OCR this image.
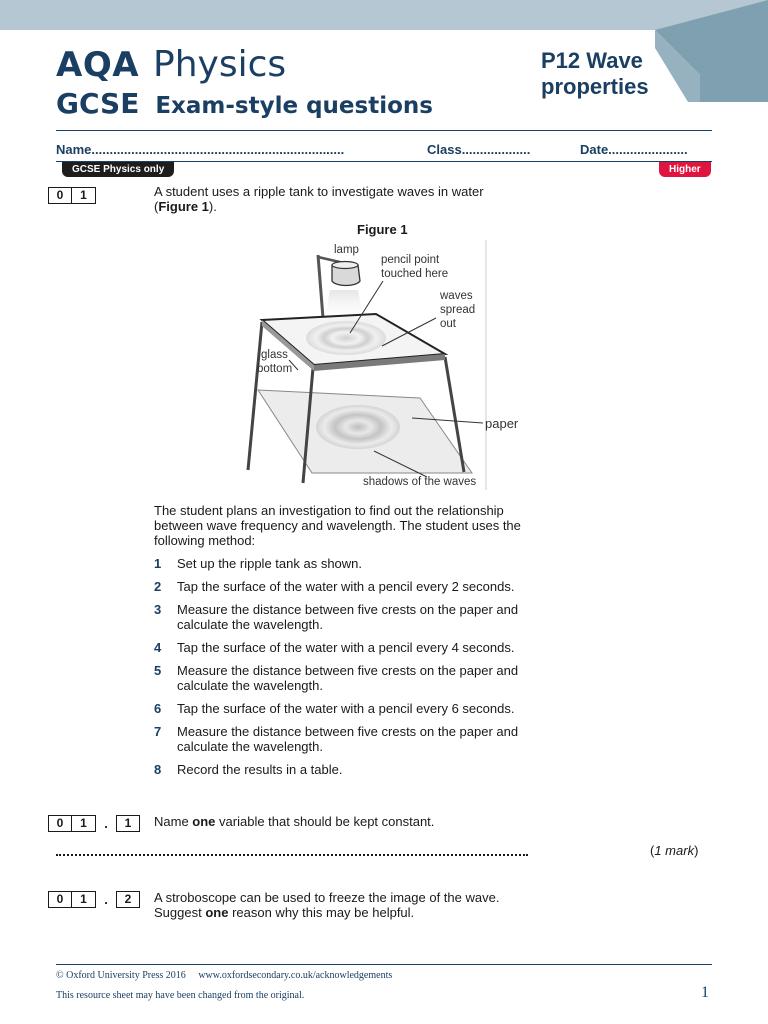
AQA Physics
GCSE Exam-style questions
P12 Wave
properties
Name......................................................................	Class...................	Date......................
GCSE Physics only	Higher
0	1	A student uses a ripple tank to investigate waves in water
(Figure 1).
Figure 1
lamp
pencil point
touched here
waves
spread
out
glass
bottom
paper
shadows of the waves
The student plans an investigation to find out the relationship
between wave frequency and wavelength. The student uses the
following method:
1	Set up the ripple tank as shown.
2	Tap the surface of the water with a pencil every 2 seconds.
3	Measure the distance between five crests on the paper and
calculate the wavelength.
4	Tap the surface of the water with a pencil every 4 seconds.
5	Measure the distance between five crests on the paper and
calculate the wavelength.
6	Tap the surface of the water with a pencil every 6 seconds.
7	Measure the distance between five crests on the paper and
calculate the wavelength.
8	Record the results in a table.
0	1	.	1	Name one variable that should be kept constant.
(1 mark)
0	1	.	2	A stroboscope can be used to freeze the image of the wave.
Suggest one reason why this may be helpful.
© Oxford University Press 2016 www.oxfordsecondary.co.uk/acknowledgements
This resource sheet may have been changed from the original.	1
